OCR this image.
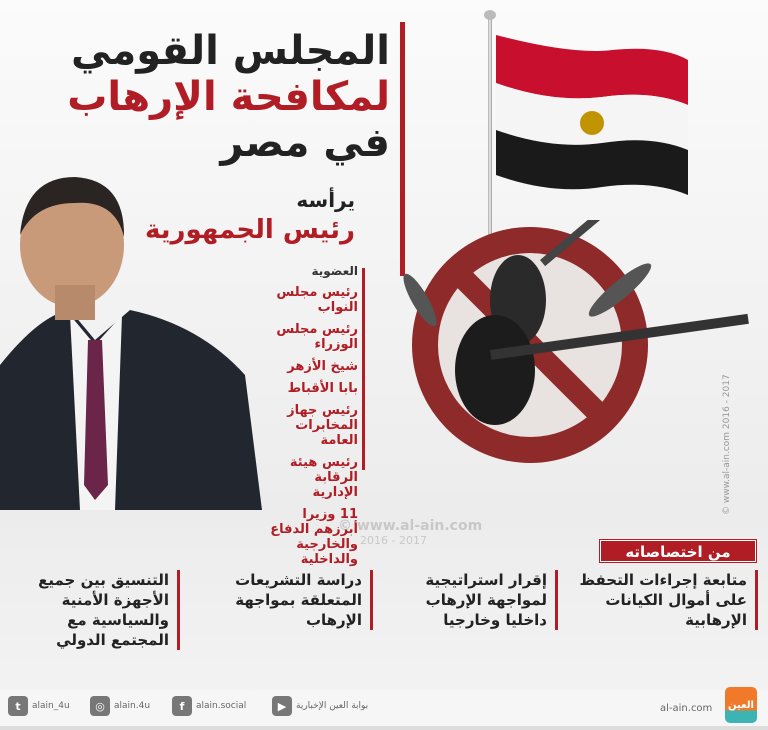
المجلس القومي
لمكافحة الإرهاب
في مصر
يرأسه
رئيس الجمهورية
العضوية
رئيس مجلس النواب
رئيس مجلس الوزراء
شيخ الأزهر
بابا الأقباط
رئيس جهاز المخابرات العامة
رئيس هيئة الرقابة الإدارية
11 وزيرا أبرزهم الدفاع والخارجية والداخلية
© www.al-ain.com 2016 - 2017
© www.al-ain.com
2016 - 2017
من اختصاصاته
متابعة إجراءات التحفظ على أموال الكيانات الإرهابية
إقرار استراتيجية لمواجهة الإرهاب داخليا وخارجيا
دراسة التشريعات المتعلقة بمواجهة الإرهاب
التنسيق بين جميع الأجهزة الأمنية والسياسية مع المجتمع الدولي
t	alain_4u	◎	alain.4u	f	alain.social	▶	بوابة العين الإخبارية	al-ain.com	العين
